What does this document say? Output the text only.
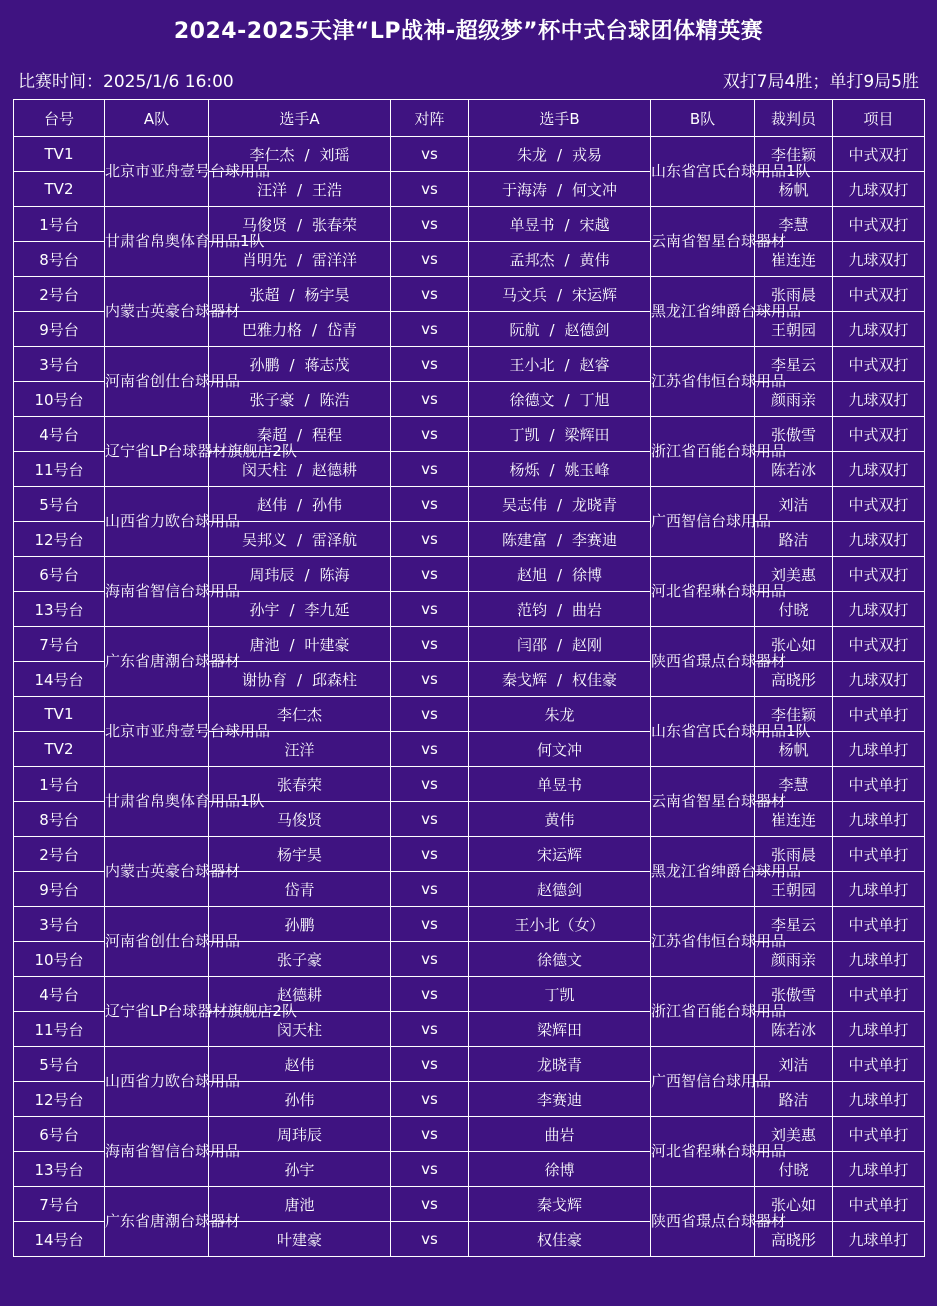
2024-2025天津“LP战神-超级梦”杯中式台球团体精英赛
比赛时间：2025/1/6 16:00	双打7局4胜；单打9局5胜
台号	A队	选手A	对阵	选手B	B队	裁判员	项目
TV1	北京市亚舟壹号台球用品	李仁杰 / 刘瑶	vs	朱龙 / 戎易	山东省宫氏台球用品1队	李佳颖	中式双打
TV2		汪洋 / 王浩	vs	于海涛 / 何文冲		杨帆	九球双打
1号台	甘肃省帛奥体育用品1队	马俊贤 / 张春荣	vs	单昱书 / 宋越	云南省智星台球器材	李慧	中式双打
8号台		肖明先 / 雷洋洋	vs	孟邦杰 / 黄伟		崔连连	九球双打
2号台	内蒙古英豪台球器材	张超 / 杨宇昊	vs	马文兵 / 宋运辉	黑龙江省绅爵台球用品	张雨晨	中式双打
9号台		巴雅力格 / 岱青	vs	阮航 / 赵德剑		王朝园	九球双打
3号台	河南省创仕台球用品	孙鹏 / 蒋志茂	vs	王小北 / 赵睿	江苏省伟恒台球用品	李星云	中式双打
10号台		张子豪 / 陈浩	vs	徐德文 / 丁旭		颜雨亲	九球双打
4号台	辽宁省LP台球器材旗舰店2队	秦超 / 程程	vs	丁凯 / 梁辉田	浙江省百能台球用品	张傲雪	中式双打
11号台		闵天柱 / 赵德耕	vs	杨烁 / 姚玉峰		陈若冰	九球双打
5号台	山西省力欧台球用品	赵伟 / 孙伟	vs	吴志伟 / 龙晓青	广西智信台球用品	刘洁	中式双打
12号台		吴邦义 / 雷泽航	vs	陈建富 / 李赛迪		路洁	九球双打
6号台	海南省智信台球用品	周玮辰 / 陈海	vs	赵旭 / 徐博	河北省程琳台球用品	刘美惠	中式双打
13号台		孙宇 / 李九延	vs	范钧 / 曲岩		付晓	九球双打
7号台	广东省唐潮台球器材	唐池 / 叶建豪	vs	闫邵 / 赵刚	陕西省璟点台球器材	张心如	中式双打
14号台		谢协育 / 邱森柱	vs	秦戈辉 / 权佳豪		高晓彤	九球双打
TV1	北京市亚舟壹号台球用品	李仁杰	vs	朱龙	山东省宫氏台球用品1队	李佳颖	中式单打
TV2		汪洋	vs	何文冲		杨帆	九球单打
1号台	甘肃省帛奥体育用品1队	张春荣	vs	单昱书	云南省智星台球器材	李慧	中式单打
8号台		马俊贤	vs	黄伟		崔连连	九球单打
2号台	内蒙古英豪台球器材	杨宇昊	vs	宋运辉	黑龙江省绅爵台球用品	张雨晨	中式单打
9号台		岱青	vs	赵德剑		王朝园	九球单打
3号台	河南省创仕台球用品	孙鹏	vs	王小北（女）	江苏省伟恒台球用品	李星云	中式单打
10号台		张子豪	vs	徐德文		颜雨亲	九球单打
4号台	辽宁省LP台球器材旗舰店2队	赵德耕	vs	丁凯	浙江省百能台球用品	张傲雪	中式单打
11号台		闵天柱	vs	梁辉田		陈若冰	九球单打
5号台	山西省力欧台球用品	赵伟	vs	龙晓青	广西智信台球用品	刘洁	中式单打
12号台		孙伟	vs	李赛迪		路洁	九球单打
6号台	海南省智信台球用品	周玮辰	vs	曲岩	河北省程琳台球用品	刘美惠	中式单打
13号台		孙宇	vs	徐博		付晓	九球单打
7号台	广东省唐潮台球器材	唐池	vs	秦戈辉	陕西省璟点台球器材	张心如	中式单打
14号台		叶建豪	vs	权佳豪		高晓彤	九球单打
